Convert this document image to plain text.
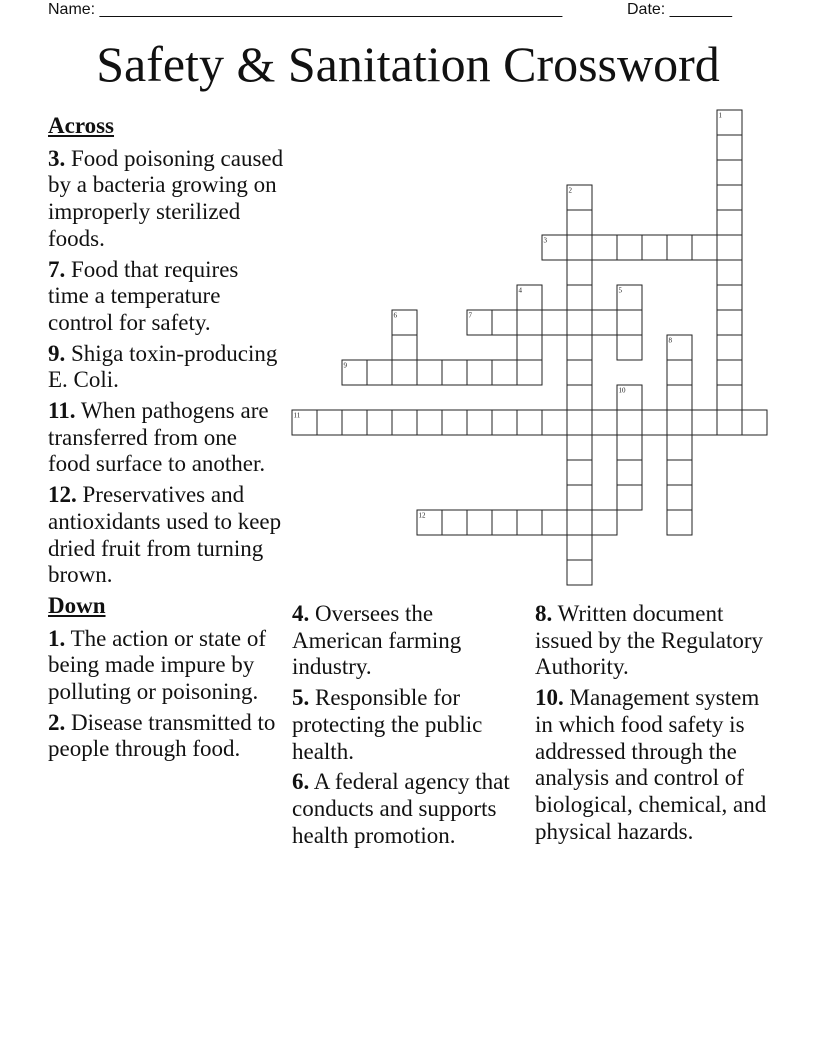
Name: ____________________________________________________	Date: _______
Safety & Sanitation Crossword
1
2
3
4	5
6	7
8
9
10
11
12
Across
3. Food poisoning caused by a bacteria growing on improperly sterilized foods.
7. Food that requires time a temperature control for safety.
9. Shiga toxin-producing E. Coli.
11. When pathogens are transferred from one food surface to another.
12. Preservatives and antioxidants used to keep dried fruit from turning brown.
Down
1. The action or state of being made impure by polluting or poisoning.
2. Disease transmitted to people through food.
4. Oversees the American farming industry.
5. Responsible for protecting the public health.
6. A federal agency that conducts and supports health promotion.
8. Written document issued by the Regulatory Authority.
10. Management system in which food safety is addressed through the analysis and control of biological, chemical, and physical hazards.
